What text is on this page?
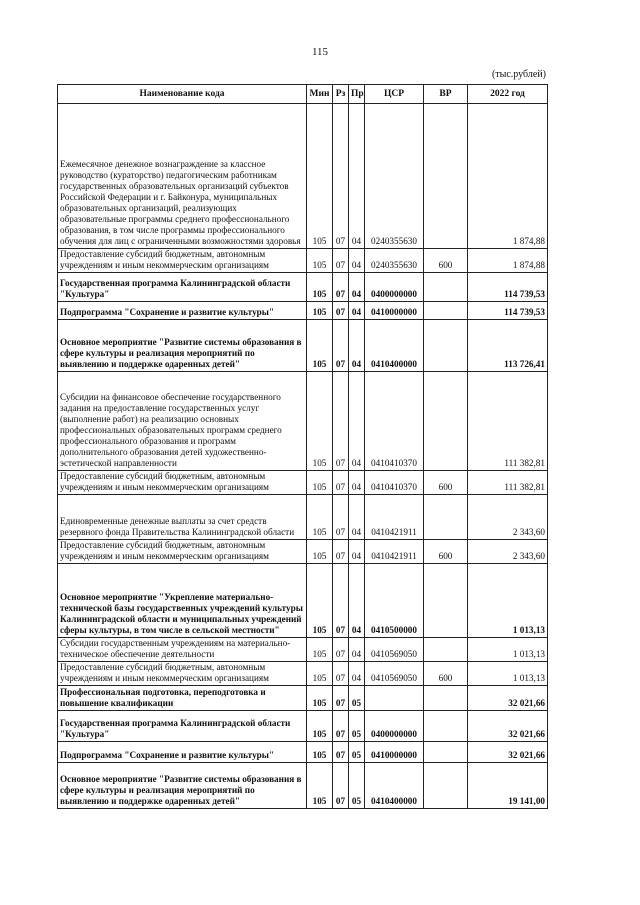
115
(тыс.рублей)
Наименование кода	Мин	Рз	Пр	ЦСР	ВР	2022 год
Ежемесячное денежное вознаграждение за классное руководство (кураторство) педагогическим работникам государственных образовательных организаций субъектов Российской Федерации и г. Байконура, муниципальных образовательных организаций, реализующих образовательные программы среднего профессионального образования, в том числе программы профессионального обучения для лиц с ограниченными возможностями здоровья	105	07	04	0240355630		1 874,88
Предоставление субсидий бюджетным, автономным учреждениям и иным некоммерческим организациям	105	07	04	0240355630	600	1 874,88
Государственная программа Калининградской области "Культура"	105	07	04	0400000000		114 739,53
Подпрограмма "Сохранение и развитие культуры"	105	07	04	0410000000		114 739,53
Основное мероприятие "Развитие системы образования в сфере культуры и реализация мероприятий по выявлению и поддержке одаренных детей"	105	07	04	0410400000		113 726,41
Субсидии на финансовое обеспечение государственного задания на предоставление государственных услуг (выполнение работ) на реализацию основных профессиональных образовательных программ среднего профессионального образования и программ дополнительного образования детей художественно-эстетической направленности	105	07	04	0410410370		111 382,81
Предоставление субсидий бюджетным, автономным учреждениям и иным некоммерческим организациям	105	07	04	0410410370	600	111 382,81
Единовременные денежные выплаты за счет средств резервного фонда Правительства Калининградской области	105	07	04	0410421911		2 343,60
Предоставление субсидий бюджетным, автономным учреждениям и иным некоммерческим организациям	105	07	04	0410421911	600	2 343,60
Основное мероприятие "Укрепление материально-технической базы государственных учреждений культуры Калининградской области и муниципальных учреждений сферы культуры, в том числе в сельской местности"	105	07	04	0410500000		1 013,13
Субсидии государственным учреждениям на материально-техническое обеспечение деятельности	105	07	04	0410569050		1 013,13
Предоставление субсидий бюджетным, автономным учреждениям и иным некоммерческим организациям	105	07	04	0410569050	600	1 013,13
Профессиональная подготовка, переподготовка и повышение квалификации	105	07	05			32 021,66
Государственная программа Калининградской области "Культура"	105	07	05	0400000000		32 021,66
Подпрограмма "Сохранение и развитие культуры"	105	07	05	0410000000		32 021,66
Основное мероприятие "Развитие системы образования в сфере культуры и реализация мероприятий по выявлению и поддержке одаренных детей"	105	07	05	0410400000		19 141,00
